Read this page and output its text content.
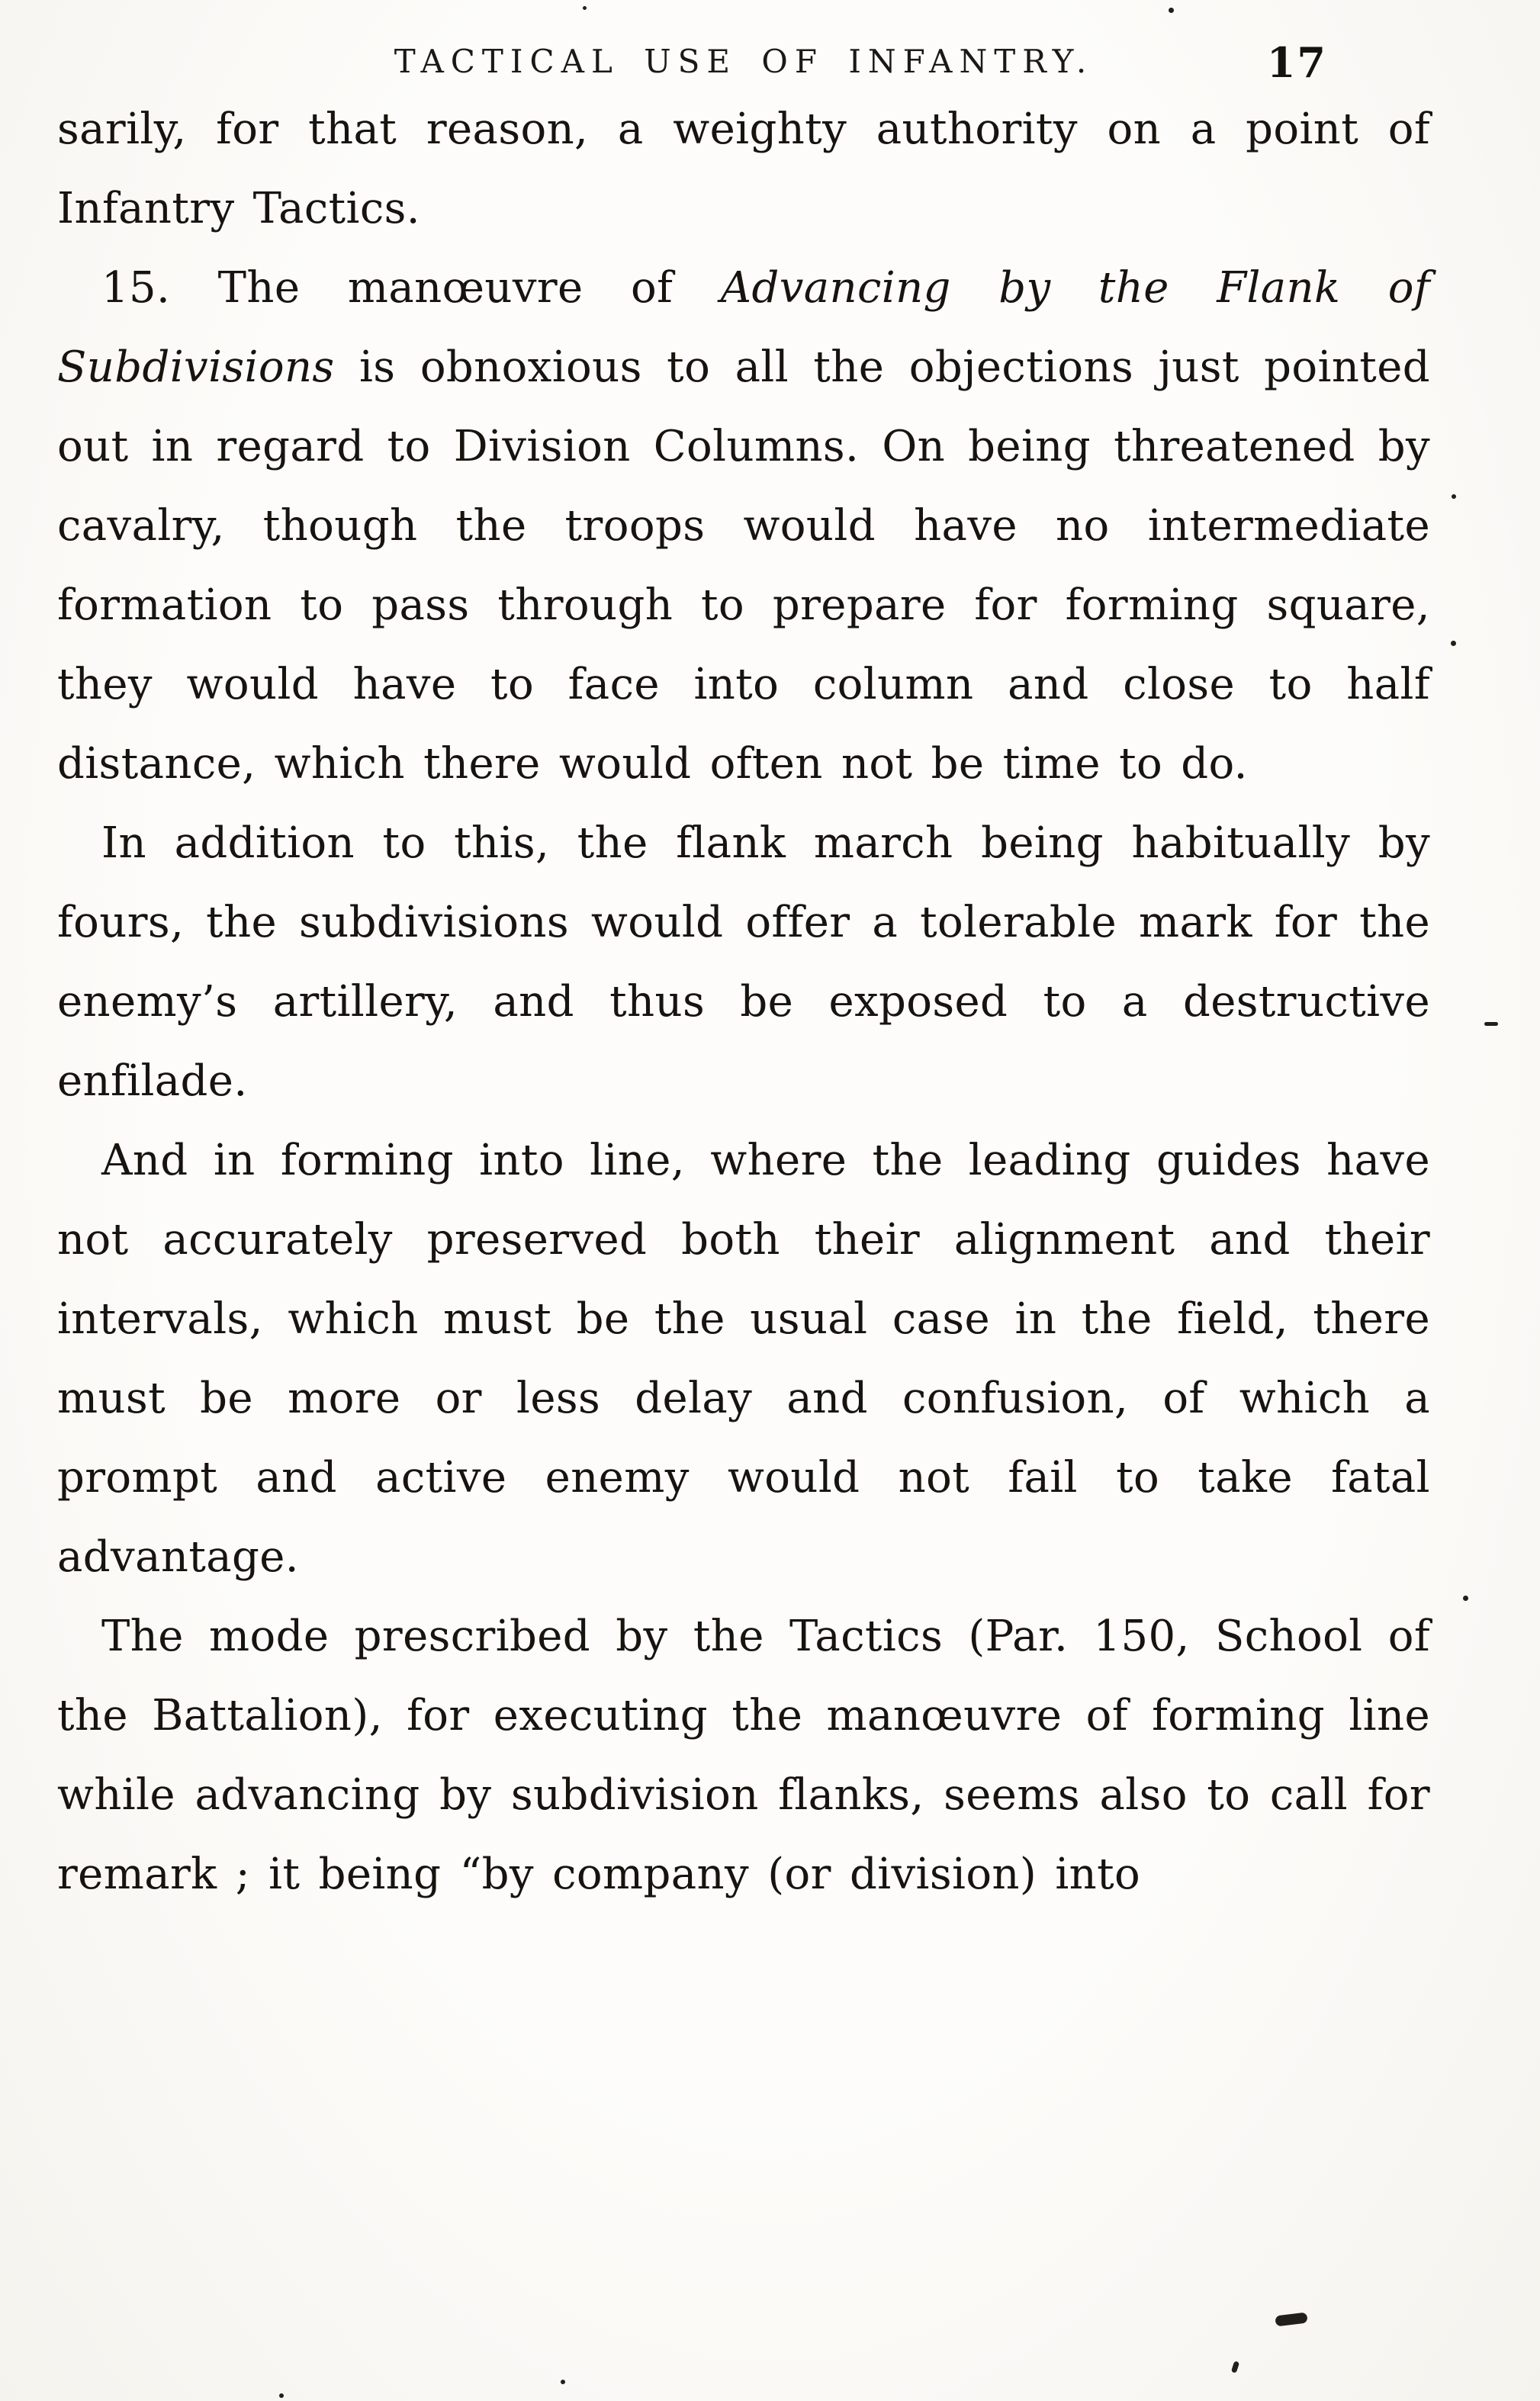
TACTICAL USE OF INFANTRY.	17

sarily, for that reason, a weighty authority on a point of Infantry Tactics.

15. The manœuvre of Advancing by the Flank of Subdivisions is obnoxious to all the objections just pointed out in regard to Division Columns. On being threatened by cavalry, though the troops would have no intermediate formation to pass through to prepare for forming square, they would have to face into column and close to half distance, which there would often not be time to do.

In addition to this, the flank march being habitually by fours, the subdivisions would offer a tolerable mark for the enemy’s artillery, and thus be exposed to a destructive enfilade.

And in forming into line, where the leading guides have not accurately preserved both their alignment and their intervals, which must be the usual case in the field, there must be more or less delay and confusion, of which a prompt and active enemy would not fail to take fatal advantage.

The mode prescribed by the Tactics (Par. 150, School of the Battalion), for executing the manœuvre of forming line while advancing by subdivision flanks, seems also to call for remark ; it being “by company (or division) into
